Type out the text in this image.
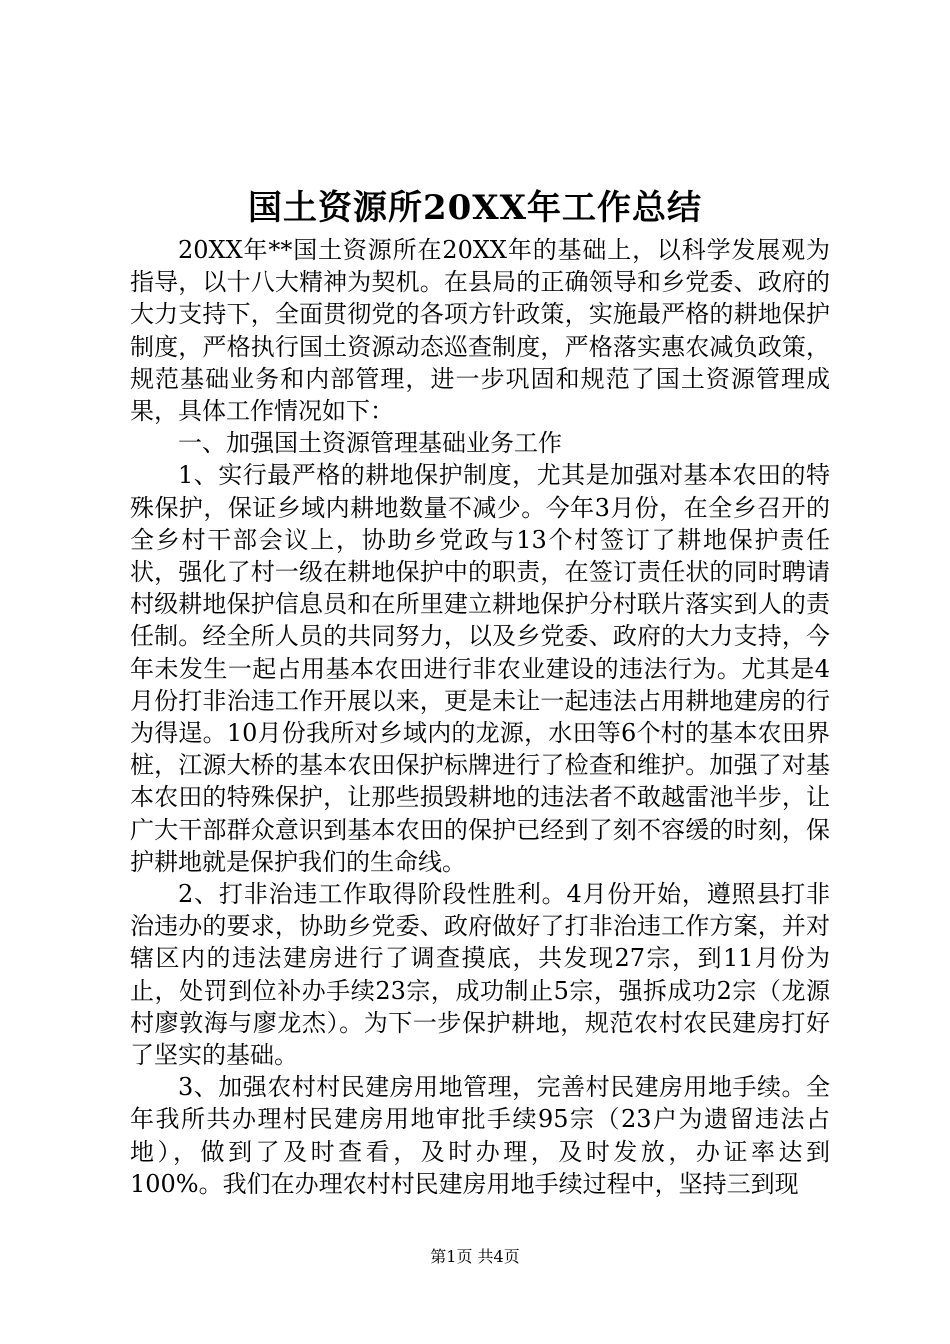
国土资源所20XX年工作总结

20XX年**国土资源所在20XX年的基础上，以科学发展观为指导，以十八大精神为契机。在县局的正确领导和乡党委、政府的大力支持下，全面贯彻党的各项方针政策，实施最严格的耕地保护制度，严格执行国土资源动态巡查制度，严格落实惠农减负政策，规范基础业务和内部管理，进一步巩固和规范了国土资源管理成果，具体工作情况如下：

一、加强国土资源管理基础业务工作

1、实行最严格的耕地保护制度，尤其是加强对基本农田的特殊保护，保证乡域内耕地数量不减少。今年3月份，在全乡召开的全乡村干部会议上，协助乡党政与13个村签订了耕地保护责任状，强化了村一级在耕地保护中的职责，在签订责任状的同时聘请村级耕地保护信息员和在所里建立耕地保护分村联片落实到人的责任制。经全所人员的共同努力，以及乡党委、政府的大力支持，今年未发生一起占用基本农田进行非农业建设的违法行为。尤其是4月份打非治违工作开展以来，更是未让一起违法占用耕地建房的行为得逞。10月份我所对乡域内的龙源，水田等6个村的基本农田界桩，江源大桥的基本农田保护标牌进行了检查和维护。加强了对基本农田的特殊保护，让那些损毁耕地的违法者不敢越雷池半步，让广大干部群众意识到基本农田的保护已经到了刻不容缓的时刻，保护耕地就是保护我们的生命线。

2、打非治违工作取得阶段性胜利。4月份开始，遵照县打非治违办的要求，协助乡党委、政府做好了打非治违工作方案，并对辖区内的违法建房进行了调查摸底，共发现27宗，到11月份为止，处罚到位补办手续23宗，成功制止5宗，强拆成功2宗（龙源村廖敦海与廖龙杰）。为下一步保护耕地，规范农村农民建房打好了坚实的基础。

3、加强农村村民建房用地管理，完善村民建房用地手续。全年我所共办理村民建房用地审批手续95宗（23户为遗留违法占地），做到了及时查看，及时办理，及时发放，办证率达到100%。我们在办理农村村民建房用地手续过程中，坚持三到现

第1页 共4页
